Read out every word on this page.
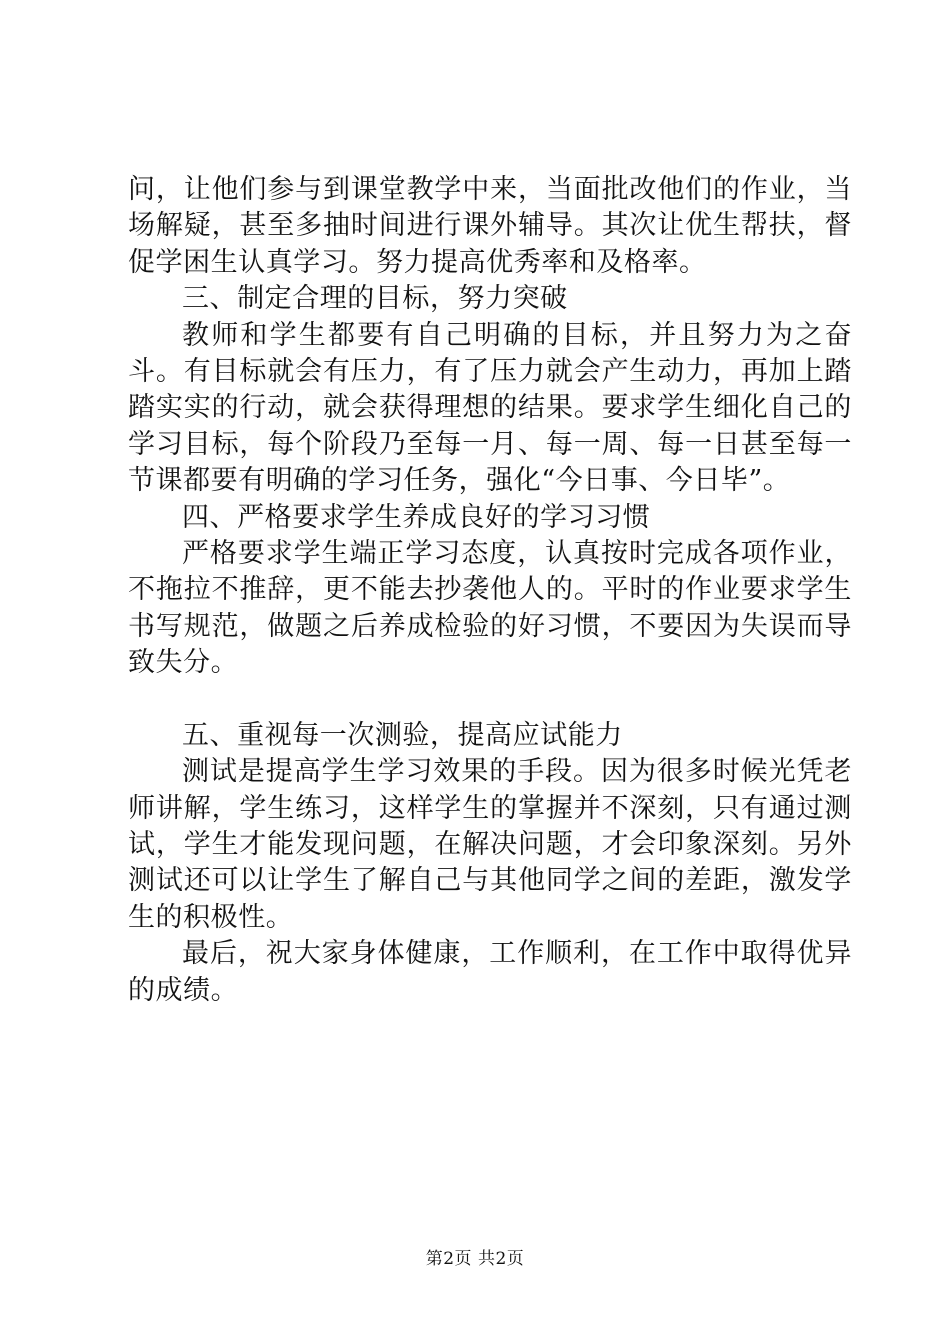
问，让他们参与到课堂教学中来，当面批改他们的作业，当场解疑，甚至多抽时间进行课外辅导。其次让优生帮扶，督促学困生认真学习。努力提高优秀率和及格率。

三、制定合理的目标，努力突破

教师和学生都要有自己明确的目标，并且努力为之奋斗。有目标就会有压力，有了压力就会产生动力，再加上踏踏实实的行动，就会获得理想的结果。要求学生细化自己的学习目标，每个阶段乃至每一月、每一周、每一日甚至每一节课都要有明确的学习任务，强化“今日事、今日毕”。

四、严格要求学生养成良好的学习习惯

严格要求学生端正学习态度，认真按时完成各项作业，不拖拉不推辞，更不能去抄袭他人的。平时的作业要求学生书写规范，做题之后养成检验的好习惯，不要因为失误而导致失分。

五、重视每一次测验，提高应试能力

测试是提高学生学习效果的手段。因为很多时候光凭老师讲解，学生练习，这样学生的掌握并不深刻，只有通过测试，学生才能发现问题，在解决问题，才会印象深刻。另外测试还可以让学生了解自己与其他同学之间的差距，激发学生的积极性。

最后，祝大家身体健康，工作顺利，在工作中取得优异的成绩。

第2页 共2页
